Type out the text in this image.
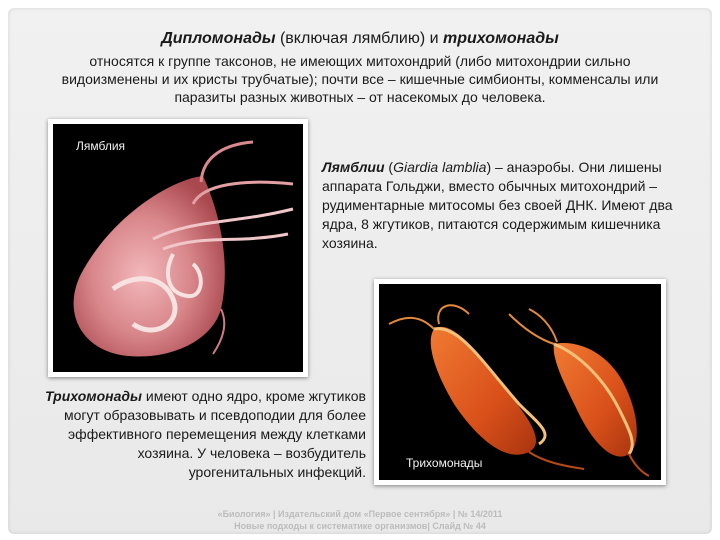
Дипломонады (включая лямблию) и трихомонады
относятся к группе таксонов, не имеющих митохондрий (либо митохондрии сильно видоизменены и их кристы трубчатые); почти все – кишечные симбионты, комменсалы или паразиты разных животных – от насекомых до человека.
Лямблия
Лямблии (Giardia lamblia) – анаэробы. Они лишены аппарата Гольджи, вместо обычных митохондрий – рудиментарные митосомы без своей ДНК. Имеют два ядра, 8 жгутиков, питаются содержимым кишечника хозяина.
Трихомонады
Трихомонады имеют одно ядро, кроме жгутиков могут образовывать и псевдоподии для более эффективного перемещения между клетками хозяина. У человека – возбудитель урогенитальных инфекций.
«Биология» | Издательский дом «Первое сентября» | № 14/2011
Новые подходы к систематике организмов| Слайд № 44
